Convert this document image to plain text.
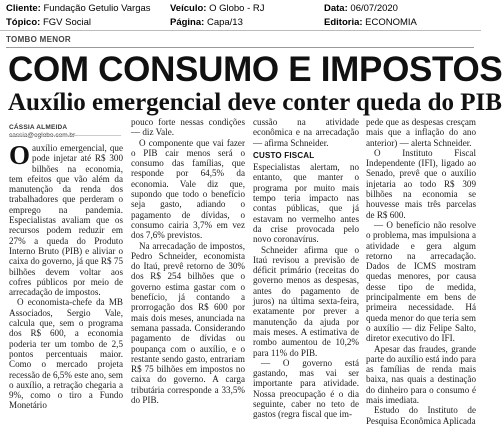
Cliente: Fundação Getulio Vargas	Veículo: O Globo - RJ	Data: 06/07/2020
Tópico: FGV Social	Página: Capa/13	Editoria: ECONOMIA
TOMBO MENOR
COM CONSUMO E IMPOSTOS
Auxílio emergencial deve conter queda do PIB
CÁSSIA ALMEIDA

Oauxílio emergencial, que pode injetar até R$ 300 bilhões na economia, tem efeitos que vão além da manutenção da renda dos trabalhadores que perderam o emprego na pandemia. Especialistas avaliam que os recursos podem reduzir em 27% a queda do Produto Interno Bruto (PIB) e aliviar o caixa do governo, já que R$ 75 bilhões devem voltar aos cofres públicos por meio de arrecadação de impostos.

O economista-chefe da MB Associados, Sergio Vale, calcula que, sem o programa dos R$ 600, a economia poderia ter um tombo de 2,5 pontos percentuais maior. Como o mercado projeta recessão de 6,5% este ano, sem o auxílio, a retração chegaria a 9%, como o tiro a Fundo Monetário

pouco forte nessas condições — diz Vale.

O componente que vai fazer o PIB cair menos será o consumo das famílias, que responde por 64,5% da economia. Vale diz que, supondo que todo o benefício seja gasto, adiando o pagamento de dívidas, o consumo cairia 3,7% em vez dos 7,6% previstos.

Na arrecadação de impostos, Pedro Schneider, economista do Itaú, prevê retorno de 30% dos R$ 254 bilhões que o governo estima gastar com o benefício, já contando a prorrogação dos R$ 600 por mais dois meses, anunciada na semana passada. Considerando pagamento de dívidas ou poupança com o auxílio, e o restante sendo gasto, entrariam R$ 75 bilhões em impostos no caixa do governo. A carga tributária corresponde a 33,5% do PIB.

cussão na atividade econômica e na arrecadação — afirma Schneider.

CUSTO FISCAL

Especialistas alertam, no entanto, que manter o programa por muito mais tempo teria impacto nas contas públicas, que já estavam no vermelho antes da crise provocada pelo novo coronavírus.

Schneider afirma que o Itaú revisou a previsão de déficit primário (receitas do governo menos as despesas, antes do pagamento de juros) na última sexta-feira, exatamente por prever a manutenção da ajuda por mais meses. A estimativa de rombo aumentou de 10,2% para 11% do PIB.

— O governo está gastando, mas vai ser importante para atividade. Nossa preocupação é o dia seguinte, caber no teto de gastos (regra fiscal que im-

pede que as despesas cresçam mais que a inflação do ano anterior) — alerta Schneider.

O Instituto Fiscal Independente (IFI), ligado ao Senado, prevê que o auxílio injetaria ao todo R$ 309 bilhões na economia se houvesse mais três parcelas de R$ 600.

— O benefício não resolve o problema, mas impulsiona a atividade e gera algum retorno na arrecadação. Dados de ICMS mostram quedas menores, por causa desse tipo de medida, principalmente em bens de primeira necessidade. Há queda menor do que teria sem o auxílio — diz Felipe Salto, diretor executivo do IFI.

Apesar das fraudes, grande parte do auxílio está indo para as famílias de renda mais baixa, nas quais a destinação do dinheiro para o consumo é mais imediata.

Estudo do Instituto de Pesquisa Econômica Aplicada
